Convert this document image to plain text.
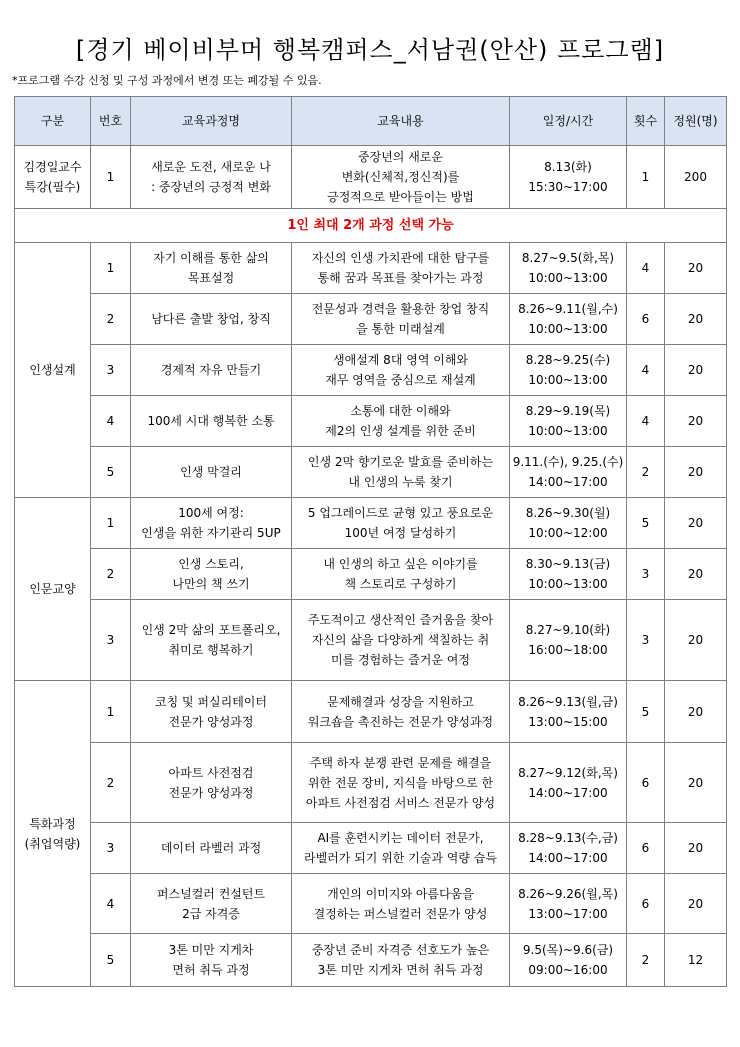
[경기 베이비부머 행복캠퍼스_서남권(안산) 프로그램]
*프로그램 수강 신청 및 구성 과정에서 변경 또는 폐강될 수 있음.
구분	번호	교육과정명	교육내용	일정/시간	횟수	정원(명)

김경일교수
특강(필수)	1	새로운 도전, 새로운 나
: 중장년의 긍정적 변화	중장년의 새로운
변화(신체적,정신적)를
긍정적으로 받아들이는 방법	8.13(화)
15:30~17:00	1	200

1인 최대 2개 과정 선택 가능						

인생설계	1	자기 이해를 통한 삶의
목표설정	자신의 인생 가치관에 대한 탐구를
통해 꿈과 목표를 찾아가는 과정	8.27~9.5(화,목)
10:00~13:00	4	20

	2	남다른 출발 창업, 창직	전문성과 경력을 활용한 창업 창직
을 통한 미래설계	8.26~9.11(월,수)
10:00~13:00	6	20

	3	경제적 자유 만들기	생애설계 8대 영역 이해와
재무 영역을 중심으로 재설계	8.28~9.25(수)
10:00~13:00	4	20

	4	100세 시대 행복한 소통	소통에 대한 이해와
제2의 인생 설계를 위한 준비	8.29~9.19(목)
10:00~13:00	4	20

	5	인생 막걸리	인생 2막 향기로운 발효를 준비하는
내 인생의 누룩 찾기	9.11.(수), 9.25.(수)
14:00~17:00	2	20

인문교양	1	100세 여정:
인생을 위한 자기관리 5UP	5 업그레이드로 균형 있고 풍요로운
100년 여정 달성하기	8.26~9.30(월)
10:00~12:00	5	20

	2	인생 스토리,
나만의 책 쓰기	내 인생의 하고 싶은 이야기를
책 스토리로 구성하기	8.30~9.13(금)
10:00~13:00	3	20

	3	인생 2막 삶의 포트폴리오,
취미로 행복하기	주도적이고 생산적인 즐거움을 찾아
자신의 삶을 다양하게 색칠하는 취
미를 경험하는 즐거운 여정	8.27~9.10(화)
16:00~18:00	3	20

특화과정
(취업역량)	1	코칭 및 퍼실리테이터
전문가 양성과정	문제해결과 성장을 지원하고
워크숍을 촉진하는 전문가 양성과정	8.26~9.13(월,금)
13:00~15:00	5	20

	2	아파트 사전점검
전문가 양성과정	주택 하자 분쟁 관련 문제를 해결을
위한 전문 장비, 지식을 바탕으로 한
아파트 사전점검 서비스 전문가 양성	8.27~9.12(화,목)
14:00~17:00	6	20

	3	데이터 라벨러 과정	AI를 훈련시키는 데이터 전문가,
라벨러가 되기 위한 기술과 역량 습득	8.28~9.13(수,금)
14:00~17:00	6	20

	4	퍼스널컬러 컨설턴트
2급 자격증	개인의 이미지와 아름다움을
결정하는 퍼스널컬러 전문가 양성	8.26~9.26(월,목)
13:00~17:00	6	20

	5	3톤 미만 지게차
면허 취득 과정	중장년 준비 자격증 선호도가 높은
3톤 미만 지게차 면허 취득 과정	9.5(목)~9.6(금)
09:00~16:00	2	12
